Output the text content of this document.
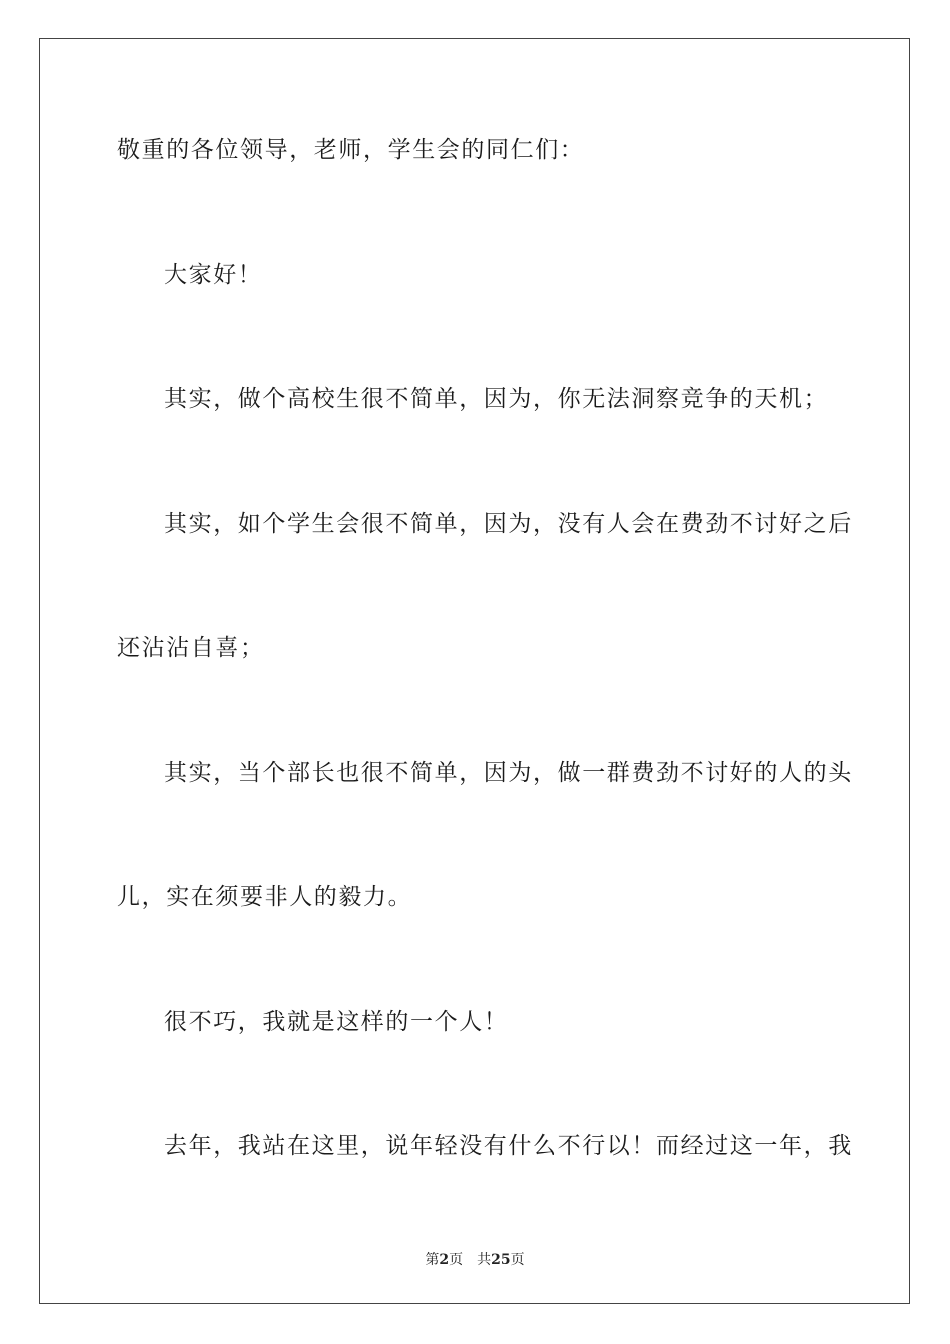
敬重的各位领导，老师，学生会的同仁们：
大家好！
其实，做个高校生很不简单，因为，你无法洞察竞争的天机；
其实，如个学生会很不简单，因为，没有人会在费劲不讨好之后
还沾沾自喜；
其实，当个部长也很不简单，因为，做一群费劲不讨好的人的头
儿，实在须要非人的毅力。
很不巧，我就是这样的一个人！
去年，我站在这里，说年轻没有什么不行以！而经过这一年，我
第2页 共25页
